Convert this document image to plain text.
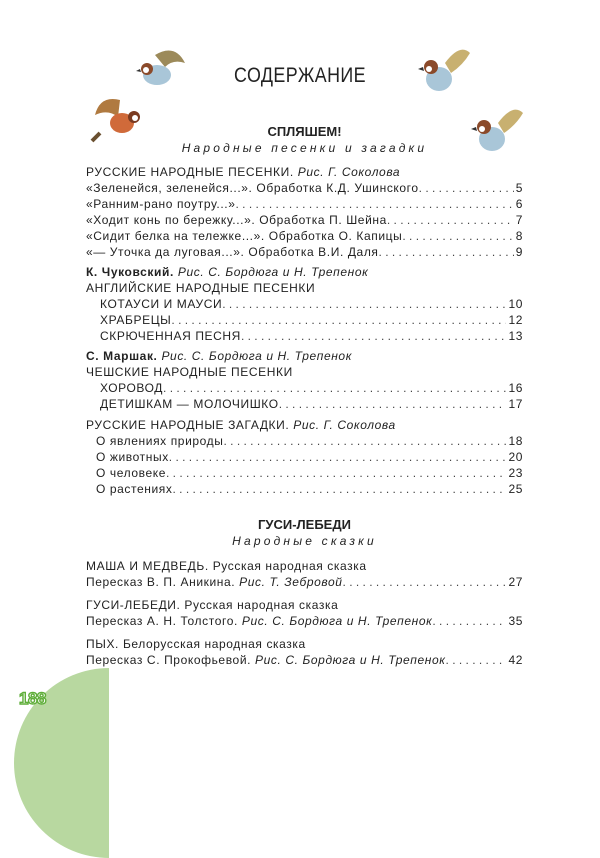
СОДЕРЖАНИЕ
СПЛЯШЕМ!
Народные песенки и загадки
РУССКИЕ НАРОДНЫЕ ПЕСЕНКИ.
Рис. Г. Соколова
«Зеленейся, зеленейся...». Обработка К.Д. Ушинского . . .	5
«Ранним-рано поутру...» . . .	6
«Ходит конь по бережку...». Обработка П. Шейна . . .	7
«Сидит белка на тележке...». Обработка О. Капицы . . .	8
«— Уточка да луговая...». Обработка В.И. Даля . . .	9
К. Чуковский.
Рис. С. Бордюга и Н. Трепенок
АНГЛИЙСКИЕ НАРОДНЫЕ ПЕСЕНКИ
КОТАУСИ И МАУСИ . . .	10
ХРАБРЕЦЫ . . .	12
СКРЮЧЕННАЯ ПЕСНЯ . . .	13
С. Маршак.
Рис. С. Бордюга и Н. Трепенок
ЧЕШСКИЕ НАРОДНЫЕ ПЕСЕНКИ
ХОРОВОД . . .	16
ДЕТИШКАМ — МОЛОЧИШКО . . .	17
РУССКИЕ НАРОДНЫЕ ЗАГАДКИ.
Рис. Г. Соколова
О явлениях природы . . .	18
О животных . . .	20
О человеке . . .	23
О растениях . . .	25
ГУСИ-ЛЕБЕДИ
Народные сказки
МАША И МЕДВЕДЬ.
Русская народная сказка
Пересказ В. П. Аникина. Рис. Т. Зебровой . . .	27
ГУСИ-ЛЕБЕДИ.
Русская народная сказка
Пересказ А. Н. Толстого. Рис. С. Бордюга и Н. Трепенок . . .	35
ПЫХ.
Белорусская народная сказка
Пересказ С. Прокофьевой. Рис. С. Бордюга и Н. Трепенок . . .	42
188
